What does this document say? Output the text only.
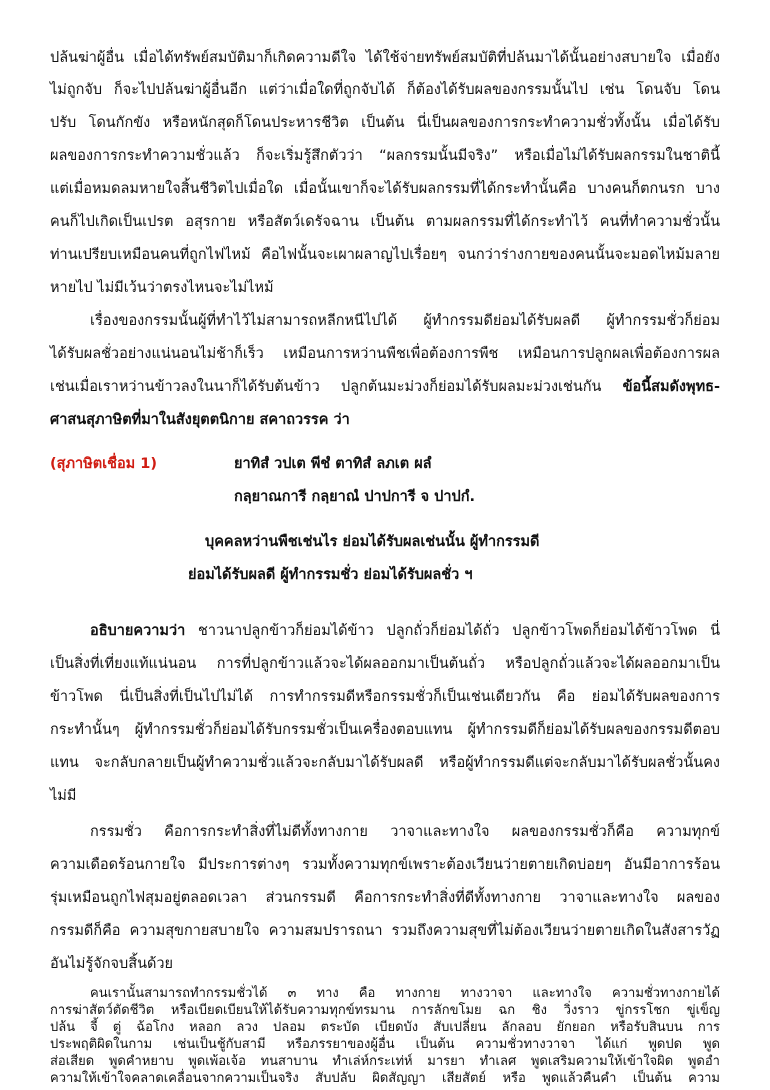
ปล้นฆ่าผู้อื่น เมื่อได้ทรัพย์สมบัติมาก็เกิดความดีใจ ได้ใช้จ่ายทรัพย์สมบัติที่ปล้นมาได้นั้นอย่างสบายใจ เมื่อยัง
ไม่ถูกจับ ก็จะไปปล้นฆ่าผู้อื่นอีก แต่ว่าเมื่อใดที่ถูกจับได้ ก็ต้องได้รับผลของกรรมนั้นไป เช่น โดนจับ โดน
ปรับ โดนกักขัง หรือหนักสุดก็โดนประหารชีวิต เป็นต้น นี่เป็นผลของการกระทำความชั่วทั้งนั้น เมื่อได้รับ
ผลของการกระทำความชั่วแล้ว ก็จะเริ่มรู้สึกตัวว่า “ผลกรรมนั้นมีจริง” หรือเมื่อไม่ได้รับผลกรรมในชาตินี้
แต่เมื่อหมดลมหายใจสิ้นชีวิตไปเมื่อใด เมื่อนั้นเขาก็จะได้รับผลกรรมที่ได้กระทำนั้นคือ บางคนก็ตกนรก บาง
คนก็ไปเกิดเป็นเปรต อสุรกาย หรือสัตว์เดรัจฉาน เป็นต้น ตามผลกรรมที่ได้กระทำไว้ คนที่ทำความชั่วนั้น
ท่านเปรียบเหมือนคนที่ถูกไฟไหม้ คือไฟนั้นจะเผาผลาญไปเรื่อยๆ จนกว่าร่างกายของคนนั้นจะมอดไหม้มลาย
หายไป ไม่มีเว้นว่าตรงไหนจะไม่ไหม้
เรื่องของกรรมนั้นผู้ที่ทำไว้ไม่สามารถหลีกหนีไปได้ ผู้ทำกรรมดีย่อมได้รับผลดี ผู้ทำกรรมชั่วก็ย่อม
ได้รับผลชั่วอย่างแน่นอนไม่ช้าก็เร็ว เหมือนการหว่านพืชเพื่อต้องการพืช เหมือนการปลูกผลเพื่อต้องการผล
เช่นเมื่อเราหว่านข้าวลงในนาก็ได้รับต้นข้าว ปลูกต้นมะม่วงก็ย่อมได้รับผลมะม่วงเช่นกัน ข้อนี้สมดังพุทธ-
ศาสนสุภาษิตที่มาในสังยุตตนิกาย สคาถวรรค ว่า
(สุภาษิตเชื่อม 1)	ยาทิสํ วปเต พีชํ ตาทิสํ ลภเต ผลํ
กลฺยาณการี กลฺยาณํ ปาปการี จ ปาปกํ.
บุคคลหว่านพืชเช่นไร ย่อมได้รับผลเช่นนั้น ผู้ทำกรรมดี
ย่อมได้รับผลดี ผู้ทำกรรมชั่ว ย่อมได้รับผลชั่ว ฯ
อธิบายความว่า ชาวนาปลูกข้าวก็ย่อมได้ข้าว ปลูกถั่วก็ย่อมได้ถั่ว ปลูกข้าวโพดก็ย่อมได้ข้าวโพด นี่
เป็นสิ่งที่เที่ยงแท้แน่นอน การที่ปลูกข้าวแล้วจะได้ผลออกมาเป็นต้นถั่ว หรือปลูกถั่วแล้วจะได้ผลออกมาเป็น
ข้าวโพด นี่เป็นสิ่งที่เป็นไปไม่ได้ การทำกรรมดีหรือกรรมชั่วก็เป็นเช่นเดียวกัน คือ ย่อมได้รับผลของการ
กระทำนั้นๆ ผู้ทำกรรมชั่วก็ย่อมได้รับกรรมชั่วเป็นเครื่องตอบแทน ผู้ทำกรรมดีก็ย่อมได้รับผลของกรรมดีตอบ
แทน จะกลับกลายเป็นผู้ทำความชั่วแล้วจะกลับมาได้รับผลดี หรือผู้ทำกรรมดีแต่จะกลับมาได้รับผลชั่วนั้นคง
ไม่มี
กรรมชั่ว คือการกระทำสิ่งที่ไม่ดีทั้งทางกาย วาจาและทางใจ ผลของกรรมชั่วก็คือ ความทุกข์
ความเดือดร้อนกายใจ มีประการต่างๆ รวมทั้งความทุกข์เพราะต้องเวียนว่ายตายเกิดบ่อยๆ อันมีอาการร้อน
รุ่มเหมือนถูกไฟสุมอยู่ตลอดเวลา ส่วนกรรมดี คือการกระทำสิ่งที่ดีทั้งทางกาย วาจาและทางใจ ผลของ
กรรมดีก็คือ ความสุขกายสบายใจ ความสมปรารถนา รวมถึงความสุขที่ไม่ต้องเวียนว่ายตายเกิดในสังสารวัฏ
อันไม่รู้จักจบสิ้นด้วย
คนเรานั้นสามารถทำกรรมชั่วได้ ๓ ทาง คือ ทางกาย ทางวาจา และทางใจ ความชั่วทางกายได้
การฆ่าสัตว์ตัดชีวิต หรือเบียดเบียนให้ได้รับความทุกข์ทรมาน การลักขโมย ฉก ชิง วิ่งราว ขู่กรรโชก ขู่เข็ญ
ปล้น จี้ ตู่ ฉ้อโกง หลอก ลวง ปลอม ตระบัด เบียดบัง สับเปลี่ยน ลักลอบ ยักยอก หรือรับสินบน การ
ประพฤติผิดในกาม เช่นเป็นชู้กับสามี หรือภรรยาของผู้อื่น เป็นต้น ความชั่วทางวาจา ได้แก่ พูดปด พูด
ส่อเสียด พูดคำหยาบ พูดเพ้อเจ้อ ทนสาบาน ทำเล่ห์กระเท่ห์ มารยา ทำเลศ พูดเสริมความให้เข้าใจผิด พูดอำ
ความให้เข้าใจคลาดเคลื่อนจากความเป็นจริง สับปลับ ผิดสัญญา เสียสัตย์ หรือ พูดแล้วคืนคำ เป็นต้น ความ
